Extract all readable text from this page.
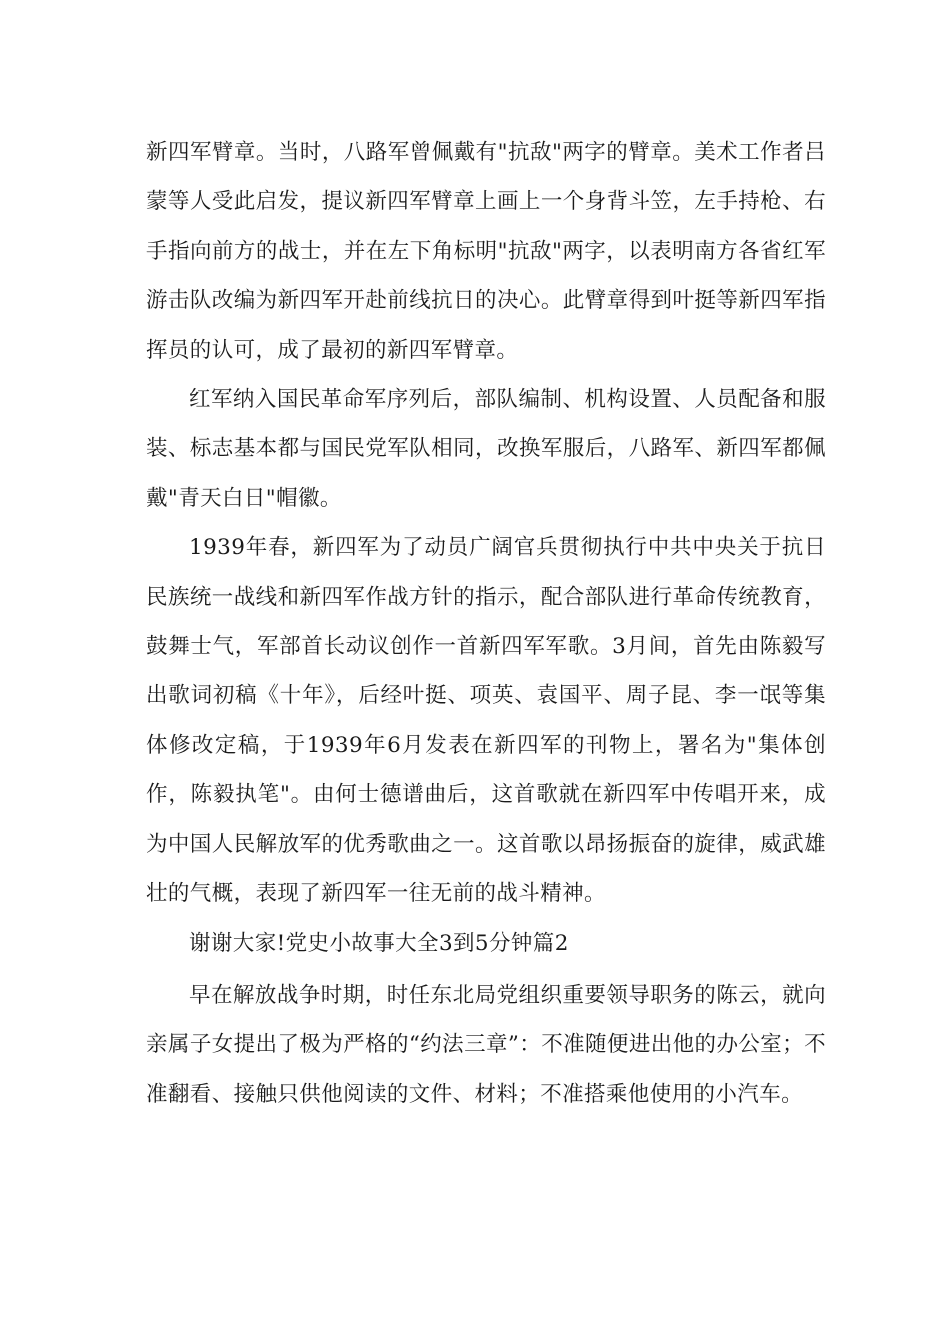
新四军臂章。当时，八路军曾佩戴有"抗敌"两字的臂章。美术工作者吕蒙等人受此启发，提议新四军臂章上画上一个身背斗笠，左手持枪、右手指向前方的战士，并在左下角标明"抗敌"两字，以表明南方各省红军游击队改编为新四军开赴前线抗日的决心。此臂章得到叶挺等新四军指挥员的认可，成了最初的新四军臂章。

红军纳入国民革命军序列后，部队编制、机构设置、人员配备和服装、标志基本都与国民党军队相同，改换军服后，八路军、新四军都佩戴"青天白日"帽徽。

1939年春，新四军为了动员广阔官兵贯彻执行中共中央关于抗日民族统一战线和新四军作战方针的指示，配合部队进行革命传统教育，鼓舞士气，军部首长动议创作一首新四军军歌。3月间，首先由陈毅写出歌词初稿《十年》，后经叶挺、项英、袁国平、周子昆、李一氓等集体修改定稿，于1939年6月发表在新四军的刊物上，署名为"集体创作，陈毅执笔"。由何士德谱曲后，这首歌就在新四军中传唱开来，成为中国人民解放军的优秀歌曲之一。这首歌以昂扬振奋的旋律，威武雄壮的气概，表现了新四军一往无前的战斗精神。

谢谢大家!党史小故事大全3到5分钟篇2

早在解放战争时期，时任东北局党组织重要领导职务的陈云，就向亲属子女提出了极为严格的“约法三章”：不准随便进出他的办公室；不准翻看、接触只供他阅读的文件、材料；不准搭乘他使用的小汽车。
